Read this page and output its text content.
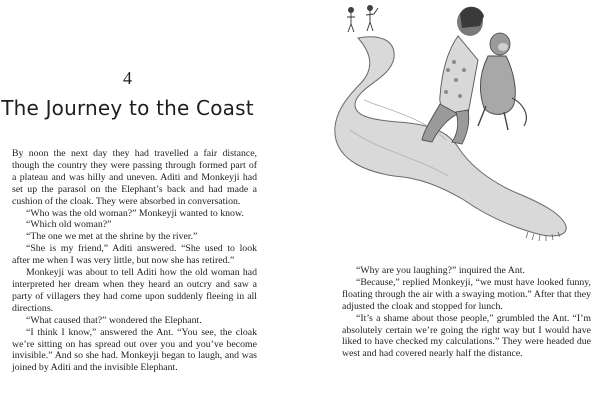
4
The Journey to the Coast

By noon the next day they had travelled a fair distance, though the country they were passing through formed part of a plateau and was hilly and uneven. Aditi and Monkeyji had set up the parasol on the Elephant’s back and had made a cushion of the cloak. They were absorbed in conversation.

“Who was the old woman?” Monkeyji wanted to know.

“Which old woman?”

“The one we met at the shrine by the river.”

“She is my friend,” Aditi answered. “She used to look after me when I was very little, but now she has retired.”

Monkeyji was about to tell Aditi how the old woman had interpreted her dream when they heard an outcry and saw a party of villagers they had come upon suddenly fleeing in all directions.

“What caused that?” wondered the Elephant.

“I think I know,” answered the Ant. “You see, the cloak we’re sitting on has spread out over you and you’ve become invisible.” And so she had. Monkeyji began to laugh, and was joined by Aditi and the invisible Elephant.

“Why are you laughing?” inquired the Ant.

“Because,” replied Monkeyji, “we must have looked funny, floating through the air with a swaying motion.” After that they adjusted the cloak and stopped for lunch.

“It’s a shame about those people,” grumbled the Ant. “I’m absolutely certain we’re going the right way but I would have liked to have checked my calculations.” They were headed due west and had covered nearly half the distance.
